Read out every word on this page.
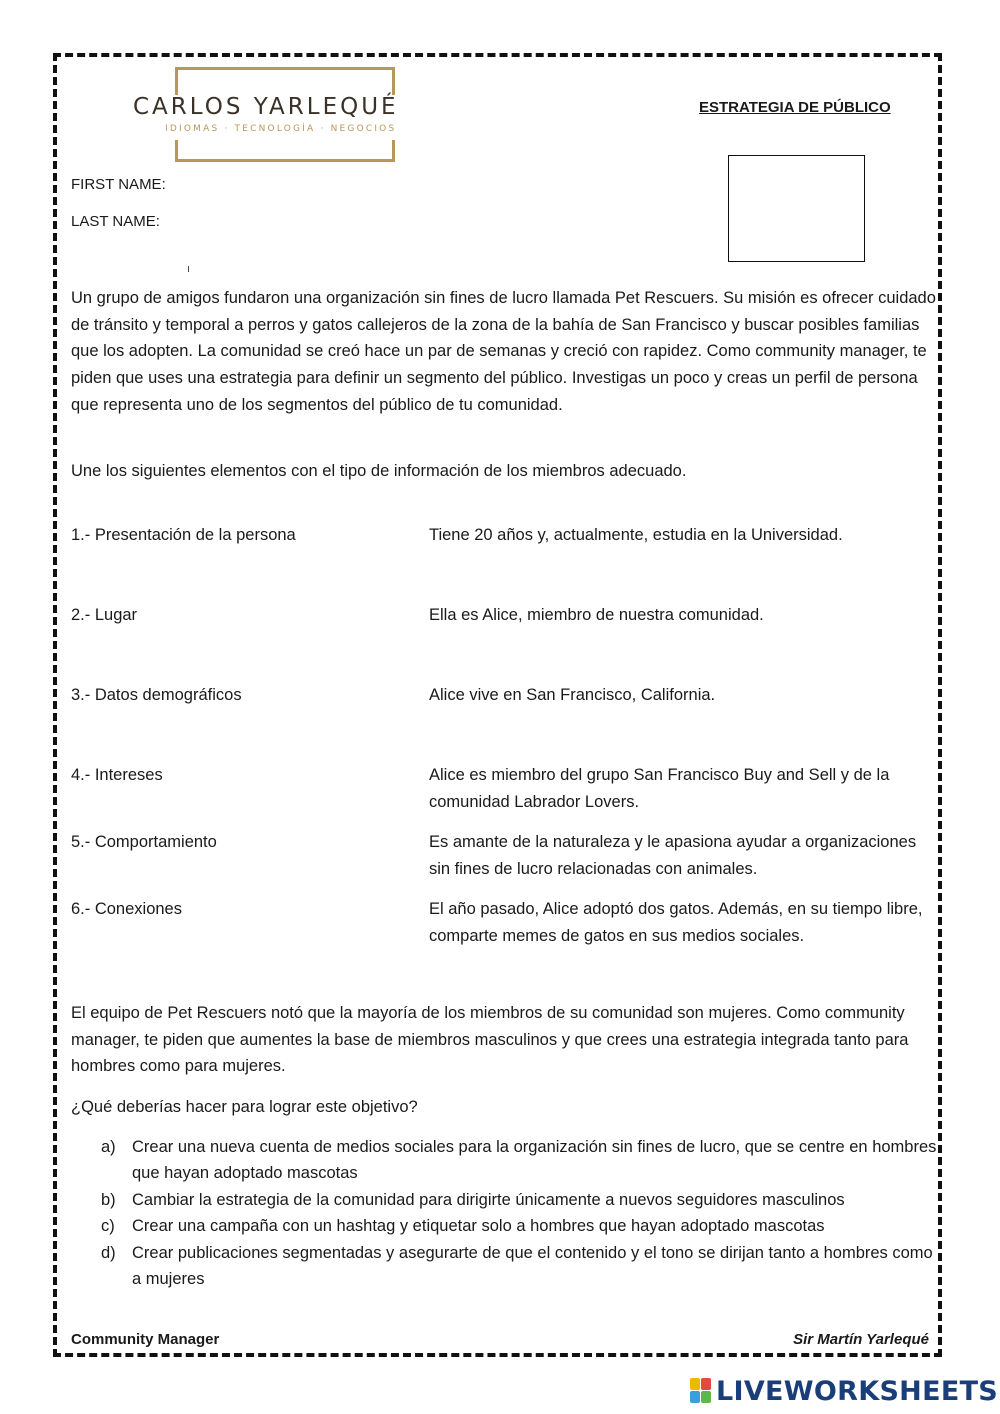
CARLOS YARLEQUÉ
IDIOMAS · TECNOLOGÍA · NEGOCIOS
ESTRATEGIA DE PÚBLICO
FIRST NAME:
LAST NAME:

Un grupo de amigos fundaron una organización sin fines de lucro llamada Pet Rescuers. Su misión es ofrecer cuidado de tránsito y temporal a perros y gatos callejeros de la zona de la bahía de San Francisco y buscar posibles familias que los adopten. La comunidad se creó hace un par de semanas y creció con rapidez. Como community manager, te piden que uses una estrategia para definir un segmento del público. Investigas un poco y creas un perfil de persona que representa uno de los segmentos del público de tu comunidad.

Une los siguientes elementos con el tipo de información de los miembros adecuado.

1.- Presentación de la persona	Tiene 20 años y, actualmente, estudia en la Universidad.
2.- Lugar	Ella es Alice, miembro de nuestra comunidad.
3.- Datos demográficos	Alice vive en San Francisco, California.
4.- Intereses	Alice es miembro del grupo San Francisco Buy and Sell y de la comunidad Labrador Lovers.
5.- Comportamiento	Es amante de la naturaleza y le apasiona ayudar a organizaciones sin fines de lucro relacionadas con animales.
6.- Conexiones	El año pasado, Alice adoptó dos gatos. Además, en su tiempo libre, comparte memes de gatos en sus medios sociales.

El equipo de Pet Rescuers notó que la mayoría de los miembros de su comunidad son mujeres. Como community manager, te piden que aumentes la base de miembros masculinos y que crees una estrategia integrada tanto para hombres como para mujeres.

¿Qué deberías hacer para lograr este objetivo?

a) Crear una nueva cuenta de medios sociales para la organización sin fines de lucro, que se centre en hombres que hayan adoptado mascotas
b) Cambiar la estrategia de la comunidad para dirigirte únicamente a nuevos seguidores masculinos
c) Crear una campaña con un hashtag y etiquetar solo a hombres que hayan adoptado mascotas
d) Crear publicaciones segmentadas y asegurarte de que el contenido y el tono se dirijan tanto a hombres como a mujeres
Community Manager	Sir Martín Yarlequé
LIVEWORKSHEETS
